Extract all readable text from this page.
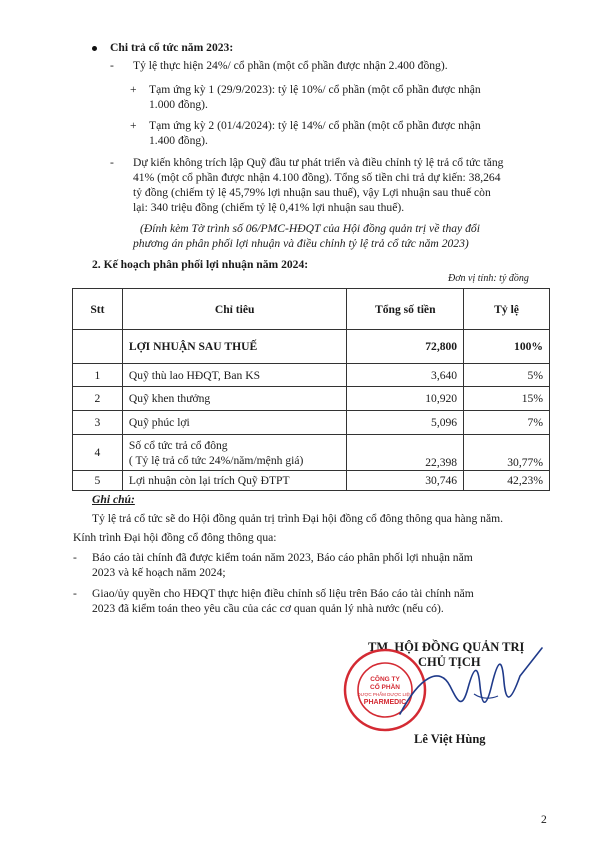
Chi trả cổ tức năm 2023:
- Tỷ lệ thực hiện 24%/ cổ phần (một cổ phần được nhận 2.400 đồng).
+ Tạm ứng kỳ 1 (29/9/2023): tỷ lệ 10%/ cổ phần (một cổ phần được nhận
1.000 đồng).
+ Tạm ứng kỳ 2 (01/4/2024): tỷ lệ 14%/ cổ phần (một cổ phần được nhận
1.400 đồng).
- Dự kiến không trích lập Quỹ đầu tư phát triển và điều chỉnh tỷ lệ trả cổ tức tăng
41% (một cổ phần được nhận 4.100 đồng). Tổng số tiền chi trả dự kiến: 38,264
tỷ đồng (chiếm tỷ lệ 45,79% lợi nhuận sau thuế), vậy Lợi nhuận sau thuế còn
lại: 340 triệu đồng (chiếm tỷ lệ 0,41% lợi nhuận sau thuế).
(Đính kèm Tờ trình số 06/PMC-HĐQT của Hội đồng quản trị về thay đổi
phương án phân phối lợi nhuận và điều chỉnh tỷ lệ trả cổ tức năm 2023)
2. Kế hoạch phân phối lợi nhuận năm 2024:
Đơn vị tính: tỷ đồng
Stt	Chỉ tiêu	Tổng số tiền	Tỷ lệ
	LỢI NHUẬN SAU THUẾ	72,800	100%
1	Quỹ thù lao HĐQT, Ban KS	3,640	5%
2	Quỹ khen thưởng	10,920	15%
3	Quỹ phúc lợi	5,096	7%
4	Số cổ tức trả cổ đông
( Tỷ lệ trả cổ tức 24%/năm/mệnh giá)	22,398	30,77%
5	Lợi nhuận còn lại trích Quỹ ĐTPT	30,746	42,23%
Ghi chú:
Tỷ lệ trả cổ tức sẽ do Hội đồng quản trị trình Đại hội đồng cổ đông thông qua hàng năm.
Kính trình Đại hội đồng cổ đông thông qua:
- Báo cáo tài chính đã được kiểm toán năm 2023, Báo cáo phân phối lợi nhuận năm
2023 và kế hoạch năm 2024;
- Giao/ủy quyền cho HĐQT thực hiện điều chỉnh số liệu trên Báo cáo tài chính năm
2023 đã kiểm toán theo yêu cầu của các cơ quan quản lý nhà nước (nếu có).
TM. HỘI ĐỒNG QUẢN TRỊ
CHỦ TỊCH
CÔNG TY
CỔ PHẦN
DƯỢC PHẨM DƯỢC LIỆU
PHARMEDIC
Lê Việt Hùng
2
